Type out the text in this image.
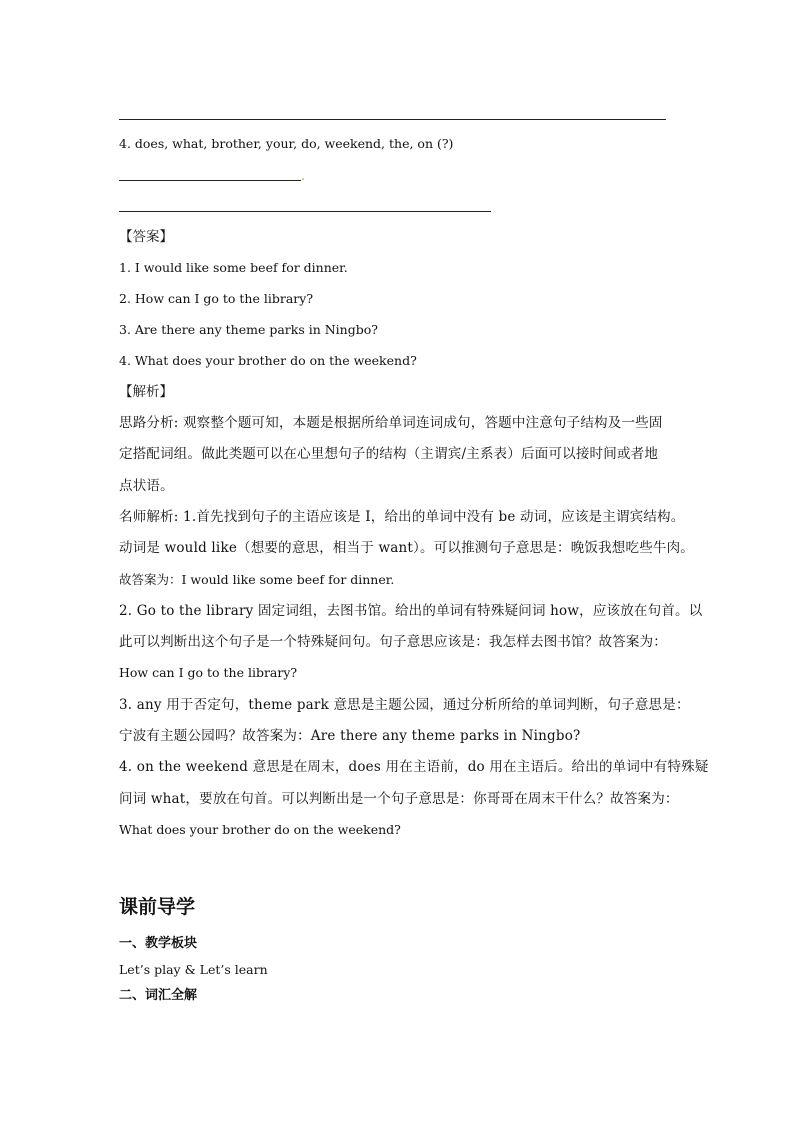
4. does, what, brother, your, do, weekend, the, on (?)
.
【答案】
1. I would like some beef for dinner.
2. How can I go to the library?
3. Are there any theme parks in Ningbo?
4. What does your brother do on the weekend?
【解析】
思路分析: 观察整个题可知，本题是根据所给单词连词成句，答题中注意句子结构及一些固
定搭配词组。做此类题可以在心里想句子的结构（主谓宾/主系表）后面可以接时间或者地
点状语。
名师解析: 1.首先找到句子的主语应该是 I，给出的单词中没有 be 动词，应该是主谓宾结构。
动词是 would like（想要的意思，相当于 want）。可以推测句子意思是：晚饭我想吃些牛肉。
故答案为：I would like some beef for dinner.
2. Go to the library 固定词组，去图书馆。给出的单词有特殊疑问词 how，应该放在句首。以
此可以判断出这个句子是一个特殊疑问句。句子意思应该是：我怎样去图书馆？故答案为：
How can I go to the library?
3. any 用于否定句，theme park 意思是主题公园，通过分析所给的单词判断，句子意思是：
宁波有主题公园吗？故答案为：Are there any theme parks in Ningbo?
4. on the weekend 意思是在周末，does 用在主语前，do 用在主语后。给出的单词中有特殊疑
问词 what，要放在句首。可以判断出是一个句子意思是：你哥哥在周末干什么？故答案为：
What does your brother do on the weekend?
课前导学
一、教学板块
Let’s play & Let’s learn
二、词汇全解
